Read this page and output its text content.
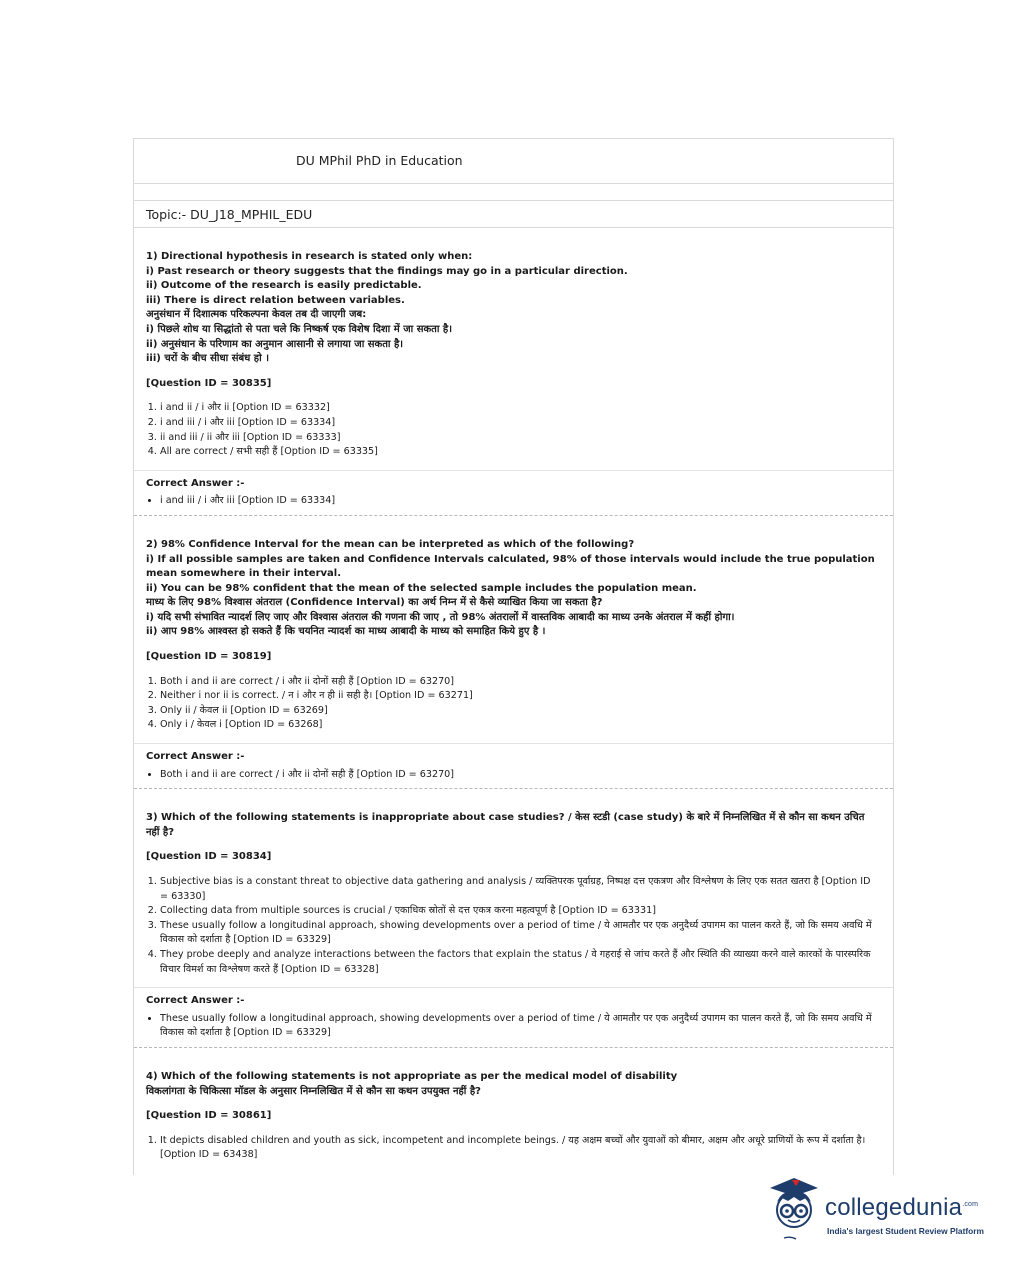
DU MPhil PhD in Education
Topic:- DU_J18_MPHIL_EDU
1) Directional hypothesis in research is stated only when:
i) Past research or theory suggests that the findings may go in a particular direction.
ii) Outcome of the research is easily predictable.
iii) There is direct relation between variables.
अनुसंधान में दिशात्मक परिकल्पना केवल तब दी जाएगी जब:
i) पिछले शोध या सिद्धांतो से पता चले कि निष्कर्ष एक विशेष दिशा में जा सकता है।
ii) अनुसंधान के परिणाम का अनुमान आसानी से लगाया जा सकता है।
iii) चरों के बीच सीधा संबंध हो ।
[Question ID = 30835]
1. i and ii / i और ii [Option ID = 63332]
2. i and iii / i और iii [Option ID = 63334]
3. ii and iii / ii और iii [Option ID = 63333]
4. All are correct / सभी सही हैं [Option ID = 63335]
Correct Answer :-
• i and iii / i और iii [Option ID = 63334]
2) 98% Confidence Interval for the mean can be interpreted as which of the following?
i) If all possible samples are taken and Confidence Intervals calculated, 98% of those intervals would include the true population mean somewhere in their interval.
ii) You can be 98% confident that the mean of the selected sample includes the population mean.
माध्य के लिए 98% विश्वास अंतराल (Confidence Interval) का अर्थ निम्न में से कैसे व्याखित किया जा सकता है?
i) यदि सभी संभावित न्यादर्श लिए जाए और विश्वास अंतराल की गणना की जाए , तो 98% अंतरालों में वास्तविक आबादी का माध्य उनके अंतराल में कहीं होगा।
ii) आप 98% आश्वस्त हो सकते हैं कि चयनित न्यादर्श का माध्य आबादी के माध्य को समाहित किये हुए है ।
[Question ID = 30819]
1. Both i and ii are correct / i और ii दोनों सही हैं [Option ID = 63270]
2. Neither i nor ii is correct. / न i और न ही ii सही है। [Option ID = 63271]
3. Only ii / केवल ii [Option ID = 63269]
4. Only i / केवल i [Option ID = 63268]
Correct Answer :-
• Both i and ii are correct / i और ii दोनों सही हैं [Option ID = 63270]
3) Which of the following statements is inappropriate about case studies? / केस स्टडी (case study) के बारे में निम्नलिखित में से कौन सा कथन उचित नहीं है?
[Question ID = 30834]
1. Subjective bias is a constant threat to objective data gathering and analysis / व्यक्तिपरक पूर्वाग्रह, निष्पक्ष दत्त एकत्रण और विश्लेषण के लिए एक सतत खतरा है [Option ID = 63330]
2. Collecting data from multiple sources is crucial / एकाधिक स्रोतों से दत्त एकत्र करना महत्वपूर्ण है [Option ID = 63331]
3. These usually follow a longitudinal approach, showing developments over a period of time / ये आमतौर पर एक अनुदैर्ध्य उपागम का पालन करते हैं, जो कि समय अवधि में विकास को दर्शाता है [Option ID = 63329]
4. They probe deeply and analyze interactions between the factors that explain the status / वे गहराई से जांच करते हैं और स्थिति की व्याख्या करने वाले कारकों के पारस्परिक विचार विमर्श का विश्लेषण करते हैं [Option ID = 63328]
Correct Answer :-
• These usually follow a longitudinal approach, showing developments over a period of time / ये आमतौर पर एक अनुदैर्ध्य उपागम का पालन करते हैं, जो कि समय अवधि में विकास को दर्शाता है [Option ID = 63329]
4) Which of the following statements is not appropriate as per the medical model of disability
विकलांगता के चिकित्सा मॉडल के अनुसार निम्नलिखित में से कौन सा कथन उपयुक्त नहीं है?
[Question ID = 30861]
1. It depicts disabled children and youth as sick, incompetent and incomplete beings. / यह अक्षम बच्चों और युवाओं को बीमार, अक्षम और अधूरे प्राणियों के रूप में दर्शाता है। [Option ID = 63438]
collegedunia$^{.com}$
India's largest Student Review Platform
